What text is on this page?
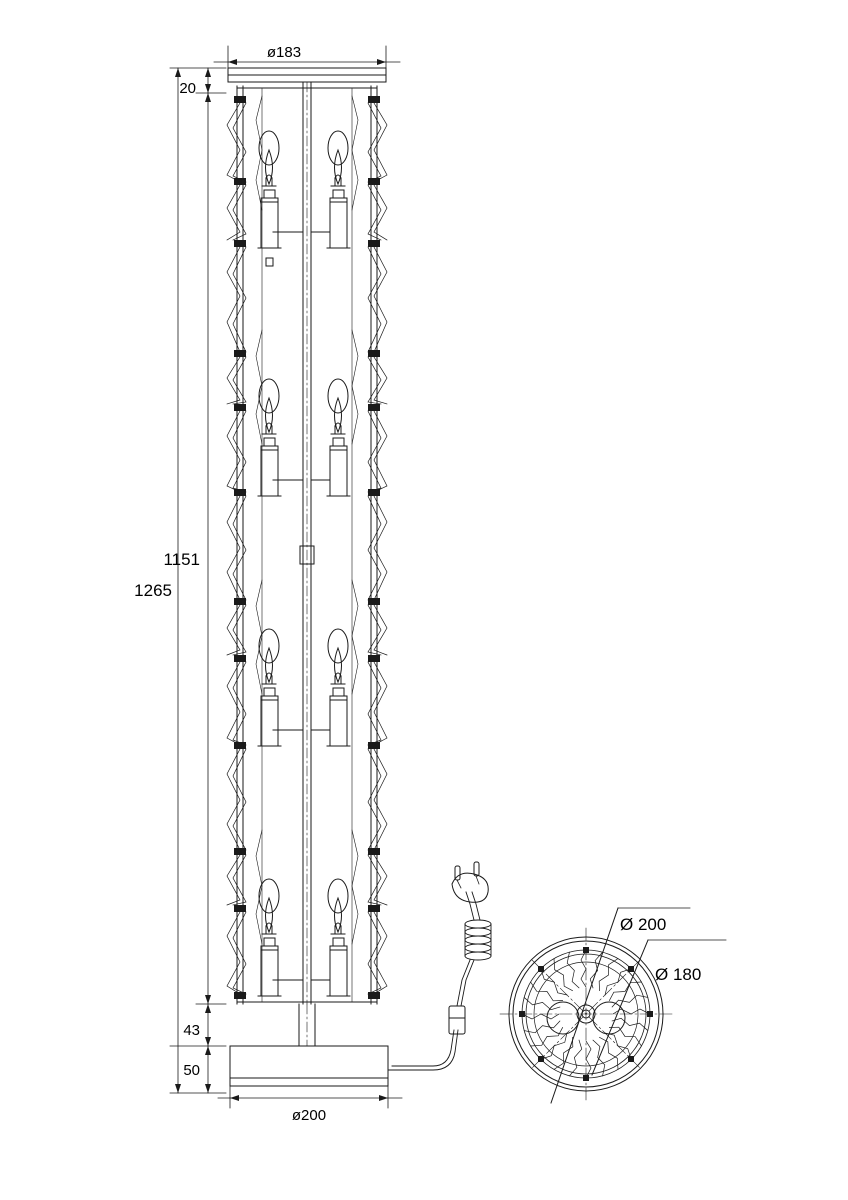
ø183
20
1151
1265
43
50
ø200
Ø 200
Ø 180
